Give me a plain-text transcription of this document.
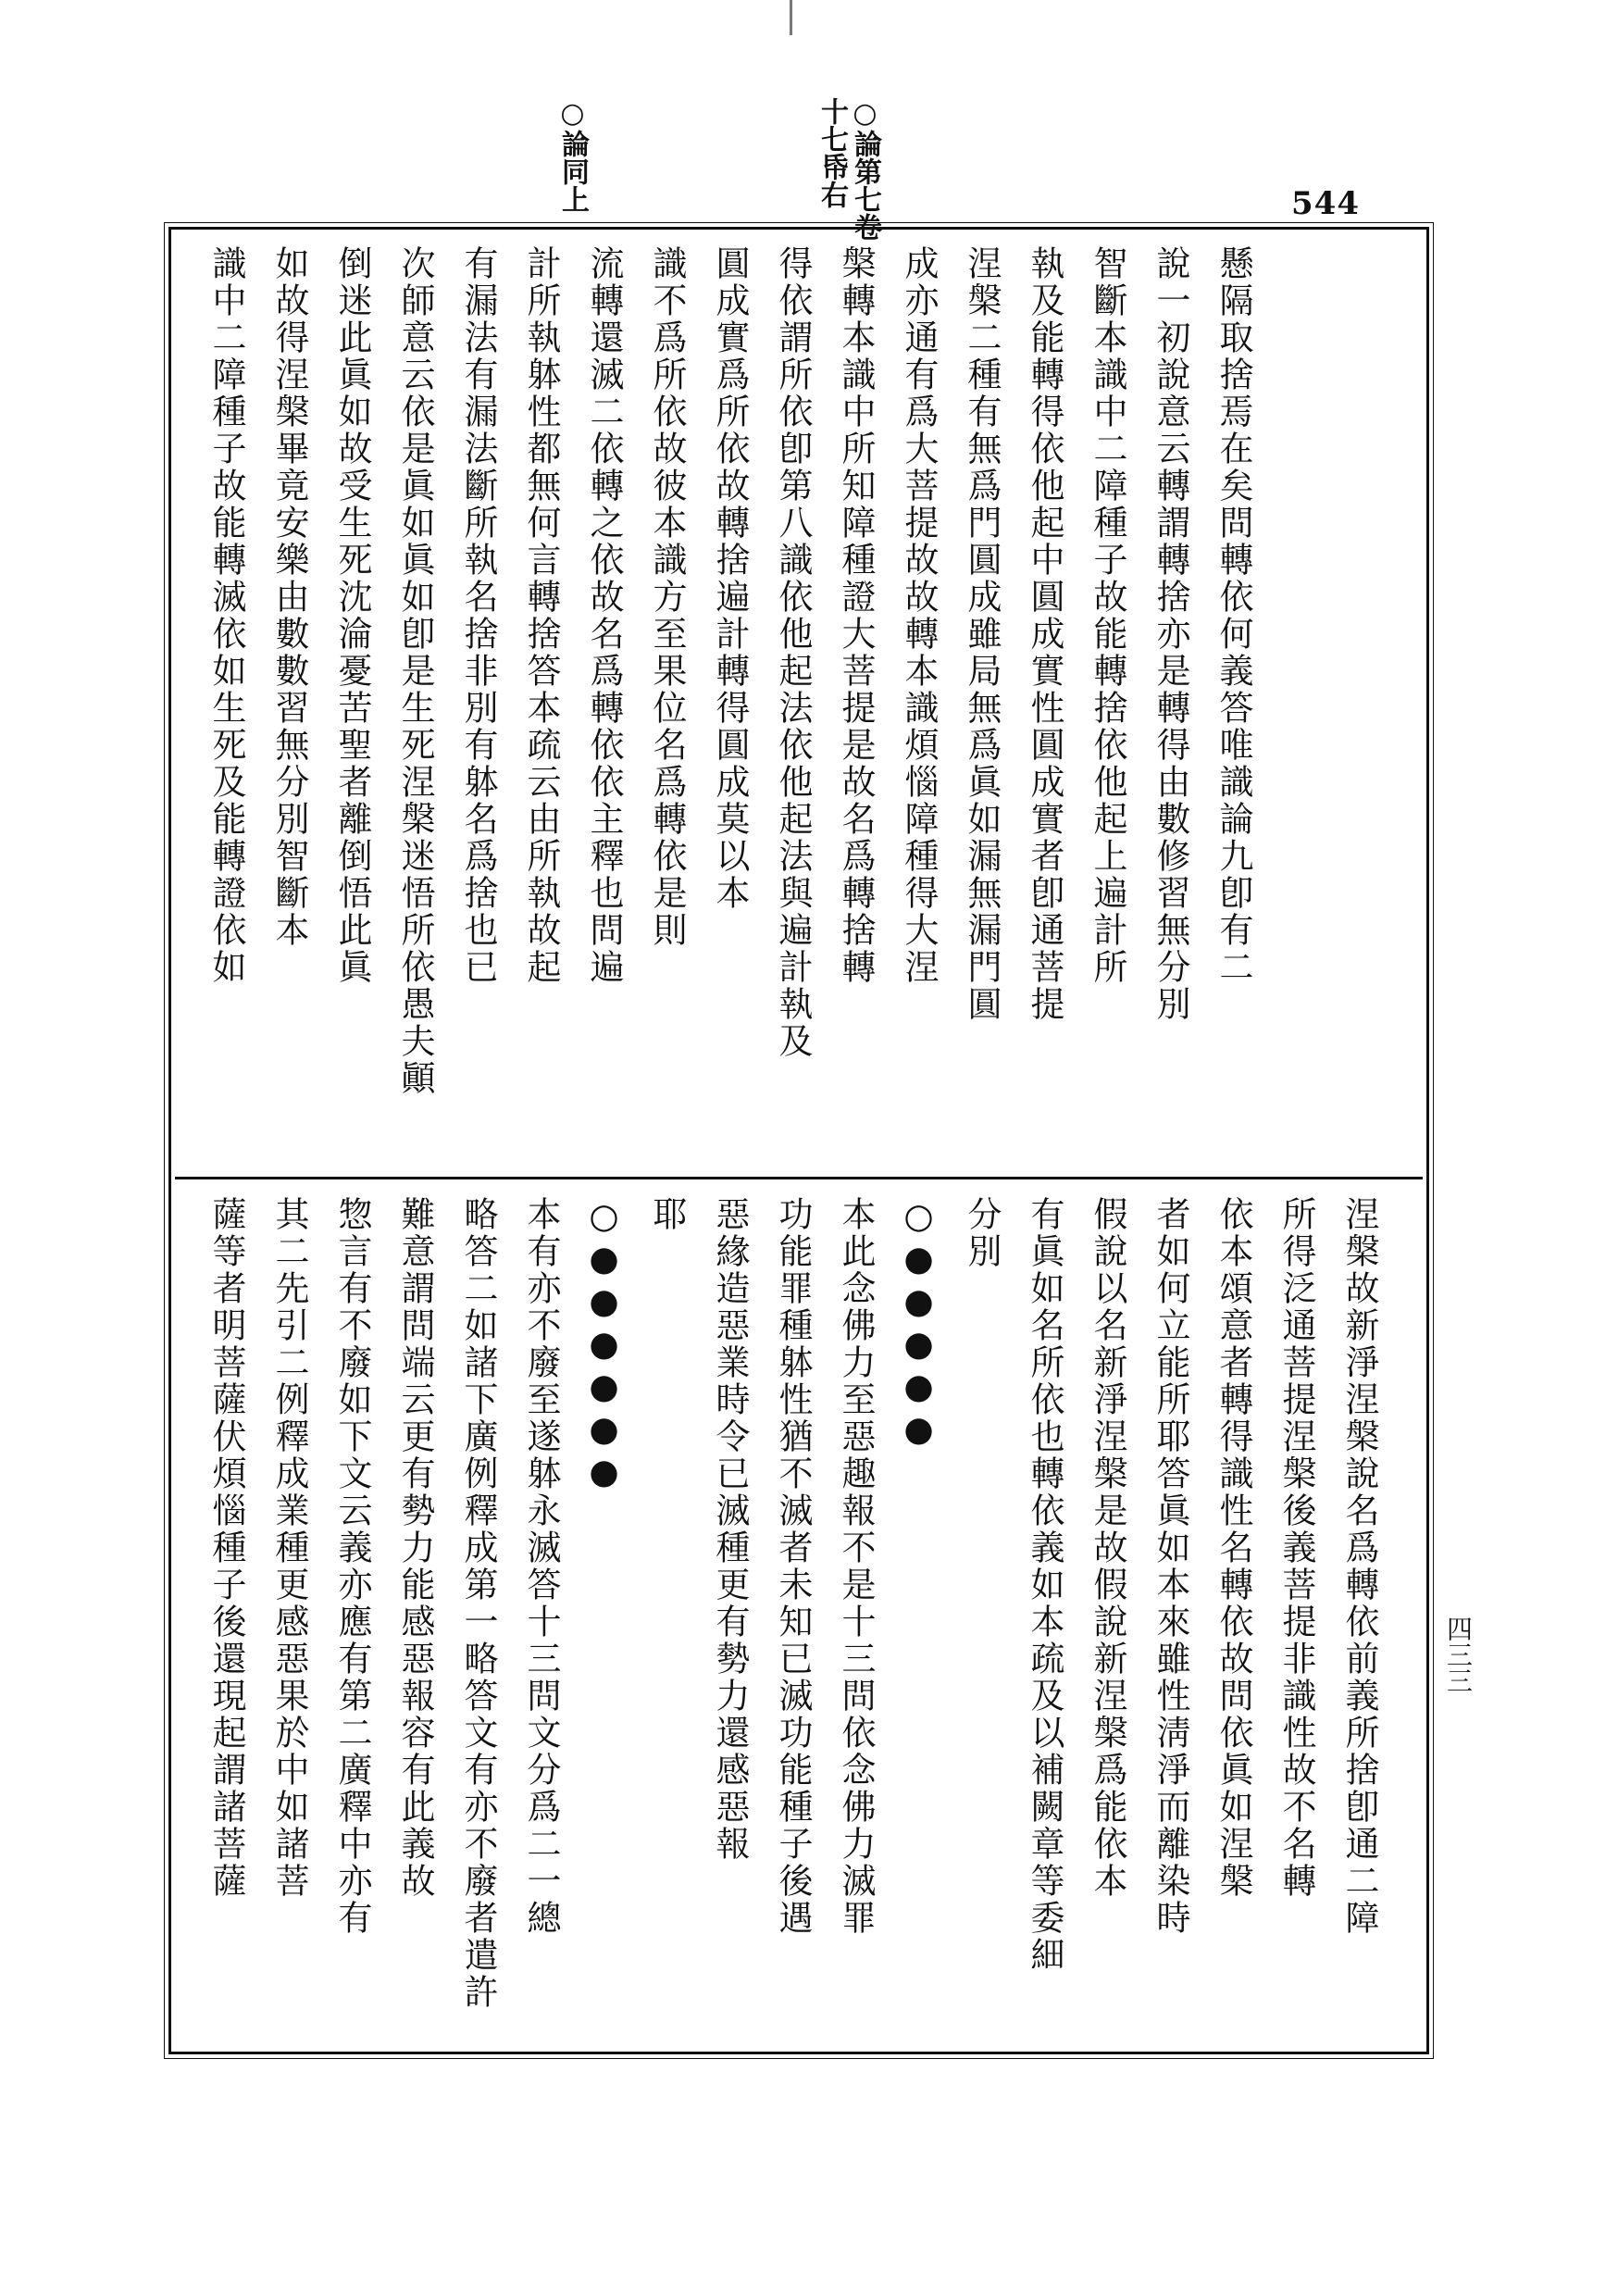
544
○論第七卷
十七帋右
○論同上
懸隔取捨焉在矣問轉依何義答唯識論九卽有二
說一初說意云轉謂轉捨亦是轉得由數修習無分別
智斷本識中二障種子故能轉捨依他起上遍計所
執及能轉得依他起中圓成實性圓成實者卽通菩提
涅槃二種有無爲門圓成雖局無爲眞如漏無漏門圓
成亦通有爲大菩提故故轉本識煩惱障種得大涅
槃轉本識中所知障種證大菩提是故名爲轉捨轉
得依謂所依卽第八識依他起法依他起法與遍計執及
圓成實爲所依故轉捨遍計轉得圓成莫以本
識不爲所依故彼本識方至果位名爲轉依是則
流轉還滅二依轉之依故名爲轉依依主釋也問遍
計所執躰性都無何言轉捨答本疏云由所執故起
有漏法有漏法斷所執名捨非別有躰名爲捨也已
次師意云依是眞如眞如卽是生死涅槃迷悟所依愚夫顚
倒迷此眞如故受生死沈淪憂苦聖者離倒悟此眞
如故得涅槃畢竟安樂由數數習無分別智斷本
識中二障種子故能轉滅依如生死及能轉證依如
涅槃故新淨涅槃說名爲轉依前義所捨卽通二障
所得泛通菩提涅槃後義菩提非識性故不名轉
依本頌意者轉得識性名轉依故問依眞如涅槃
者如何立能所耶答眞如本來雖性淸淨而離染時
假說以名新淨涅槃是故假說新涅槃爲能依本
有眞如名所依也轉依義如本疏及以補闕章等委細
分別
○●●●●●
本此念佛力至惡趣報不是十三問依念佛力滅罪
功能罪種躰性猶不滅者未知已滅功能種子後遇
惡緣造惡業時令已滅種更有勢力還感惡報
耶
○●●●●●●
本有亦不廢至遂躰永滅答十三問文分爲二一總
略答二如諸下廣例釋成第一略答文有亦不廢者遣許
難意謂問端云更有勢力能感惡報容有此義故
惣言有不廢如下文云義亦應有第二廣釋中亦有
其二先引二例釋成業種更感惡果於中如諸菩
薩等者明菩薩伏煩惱種子後還現起謂諸菩薩	四三三
